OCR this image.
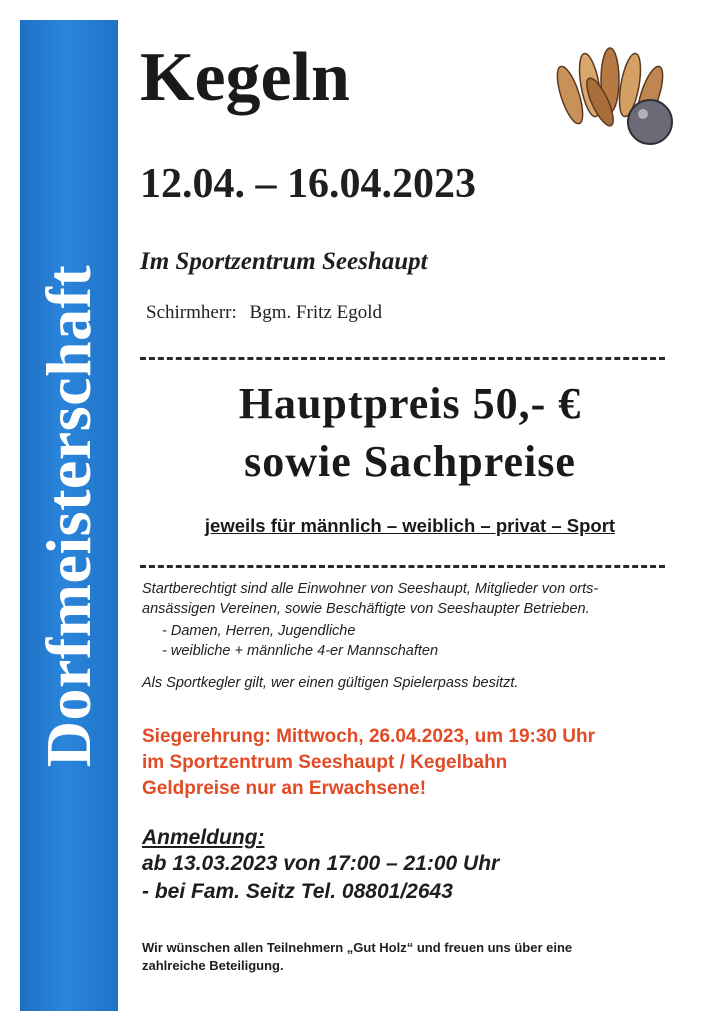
Dorfmeisterschaft
Kegeln
12.04. – 16.04.2023
Im Sportzentrum Seeshaupt
Schirmherr: Bgm. Fritz Egold
Hauptpreis 50,- €
sowie Sachpreise
jeweils für männlich – weiblich – privat – Sport
Startberechtigt sind alle Einwohner von Seeshaupt, Mitglieder von orts-
ansässigen Vereinen, sowie Beschäftigte von Seeshaupter Betrieben.
- Damen, Herren, Jugendliche
- weibliche + männliche 4-er Mannschaften
Als Sportkegler gilt, wer einen gültigen Spielerpass besitzt.
Siegerehrung: Mittwoch, 26.04.2023, um 19:30 Uhr
im Sportzentrum Seeshaupt / Kegelbahn
Geldpreise nur an Erwachsene!
Anmeldung:
ab 13.03.2023 von 17:00 – 21:00 Uhr
- bei Fam. Seitz Tel. 08801/2643
Wir wünschen allen Teilnehmern „Gut Holz“ und freuen uns über eine
zahlreiche Beteiligung.
